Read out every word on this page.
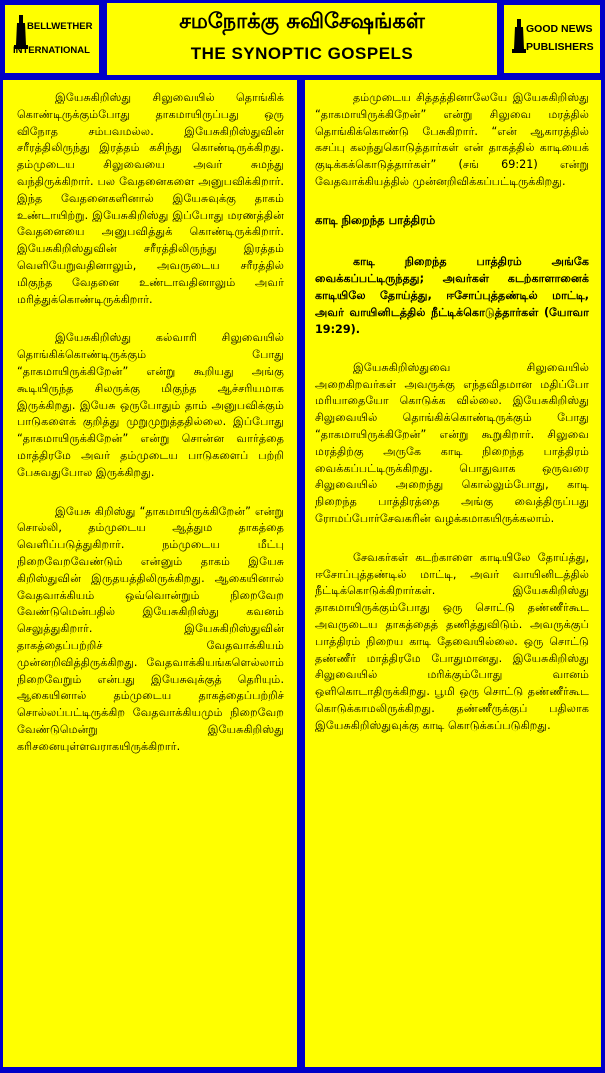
BELLWETHER
INTERNATIONAL
சமநோக்கு சுவிசேஷங்கள்
THE SYNOPTIC GOSPELS
GOOD NEWS
PUBLISHERS

இயேசுகிறிஸ்து சிலுவையில் தொங்கிக் கொண்டிருக்கும்போது தாகமாயிருப்பது ஒரு விநோத சம்பவமல்ல. இயேசுகிறிஸ்துவின் சரீரத்திலிருந்து இரத்தம் கசிந்து கொண்டிருக்கிறது. தம்முடைய சிலுவையை அவர் சுமந்து வந்திருக்கிறார். பல வேதனைகளை அனுபவிக்கிறார். இந்த வேதனைகளினால் இயேசுவுக்கு தாகம் உண்டாயிற்று. இயேசுகிறிஸ்து இப்போது மரணத்தின் வேதனையை அனுபவித்துக் கொண்டிருக்கிறார். இயேசுகிறிஸ்துவின் சரீரத்திலிருந்து இரத்தம் வெளியேறுவதினாலும், அவருடைய சரீரத்தில் மிகுந்த வேதனை உண்டாவதினாலும் அவர் மரித்துக்கொண்டிருக்கிறார்.

இயேசுகிறிஸ்து கல்வாரி சிலுவையில் தொங்கிக்கொண்டிருக்கும் போது “தாகமாயிருக்கிறேன்” என்று கூறியது அங்கு கூடியிருந்த சிலருக்கு மிகுந்த ஆச்சரியமாக இருக்கிறது. இயேசு ஒருபோதும் தாம் அனுபவிக்கும் பாடுகளைக் குறித்து முறுமுறுத்ததில்லை. இப்போது “தாகமாயிருக்கிறேன்” என்று சொன்ன வார்த்தை மாத்திரமே அவர் தம்முடைய பாடுகளைப் பற்றி பேசுவதுபோல இருக்கிறது.

இயேசு கிறிஸ்து “தாகமாயிருக்கிறேன்” என்று சொல்லி, தம்முடைய ஆத்தும தாகத்தை வெளிப்படுத்துகிறார். நம்முடைய மீட்பு நிறைவேறவேண்டும் என்னும் தாகம் இயேசு கிறிஸ்துவின் இருதயத்திலிருக்கிறது. ஆகையினால் வேதவாக்கியம் ஒவ்வொன்றும் நிறைவேற வேண்டுமென்பதில் இயேசுகிறிஸ்து கவனம் செலுத்துகிறார். இயேசுகிறிஸ்துவின் தாகத்தைப்பற்றிச் வேதவாக்கியம் முன்னறிவித்திருக்கிறது. வேதவாக்கியங்களெல்லாம் நிறைவேறும் என்பது இயேசுவுக்குத் தெரியும். ஆகையினால் தம்முடைய தாகத்தைப்பற்றிச் சொல்லப்பட்டிருக்கிற வேதவாக்கியமும் நிறைவேற வேண்டுமென்று இயேசுகிறிஸ்து கரிசனையுள்ளவராகயிருக்கிறார்.

தம்முடைய சித்தத்தினாலேயே இயேசுகிறிஸ்து “தாகமாயிருக்கிறேன்” என்று சிலுவை மரத்தில் தொங்கிக்கொண்டு பேசுகிறார். “என் ஆகாரத்தில் கசப்பு கலந்துகொடுத்தார்கள் என் தாகத்தில் காடியைக் குடிக்கக்கொடுத்தார்கள்” (சங் 69:21) என்று வேதவாக்கியத்தில் முன்னறிவிக்கப்பட்டிருக்கிறது.

காடி நிறைந்த பாத்திரம்

காடி நிறைந்த பாத்திரம் அங்கே வைக்கப்பட்டிருந்தது; அவர்கள் கடற்காளானைக் காடியிலே தோய்த்து, ஈசோப்புத்தண்டில் மாட்டி, அவர் வாயினிடத்தில் நீட்டிக்கொடுத்தார்கள் (யோவா 19:29).

இயேசுகிறிஸ்துவை சிலுவையில் அறைகிறவர்கள் அவருக்கு எந்தவிதமான மதிப்போ மரியாதையோ கொடுக்க வில்லை. இயேசுகிறிஸ்து சிலுவையில் தொங்கிக்கொண்டிருக்கும் போது “தாகமாயிருக்கிறேன்” என்று கூறுகிறார். சிலுவை மரத்திற்கு அருகே காடி நிறைந்த பாத்திரம் வைக்கப்பட்டிருக்கிறது. பொதுவாக ஒருவரை சிலுவையில் அறைந்து கொல்லும்போது, காடி நிறைந்த பாத்திரத்தை அங்கு வைத்திருப்பது ரோமப்போர்சேவகரின் வழக்கமாகயிருக்கலாம்.

சேவகர்கள் கடற்காளை காடியிலே தோய்த்து, ஈசோப்புத்தண்டில் மாட்டி, அவர் வாயினிடத்தில் நீட்டிக்கொடுக்கிறார்கள். இயேசுகிறிஸ்து தாகமாயிருக்கும்போது ஒரு சொட்டு தண்ணீர்கூட அவருடைய தாகத்தைத் தணித்துவிடும். அவருக்குப் பாத்திரம் நிறைய காடி தேவையில்லை. ஒரு சொட்டு தண்ணீர் மாத்திரமே போதுமானது. இயேசுகிறிஸ்து சிலுவையில் மரிக்கும்போது வானம் ஒளிகொடாதிருக்கிறது. பூமி ஒரு சொட்டு தண்ணீர்கூட கொடுக்காமலிருக்கிறது. தண்ணீருக்குப் பதிலாக இயேசுகிறிஸ்துவுக்கு காடி கொடுக்கப்படுகிறது.
